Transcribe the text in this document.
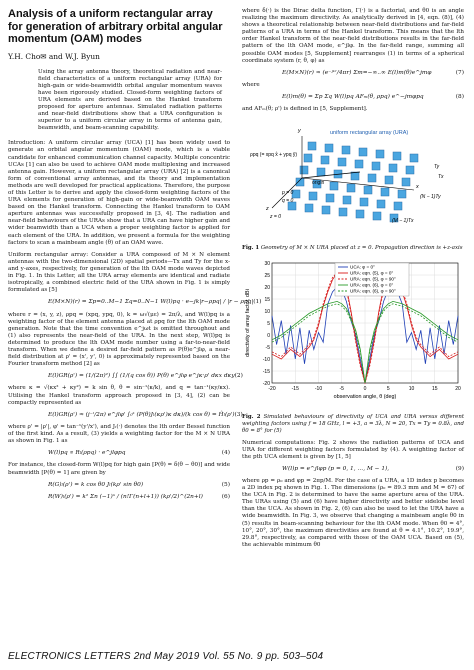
Analysis of a uniform rectangular array for generation of arbitrary orbital angular momentum (OAM) modes
Y.H. Cho✉ and W.J. Byun
Using the array antenna theory, theoretical radiation and near-field characteristics of a uniform rectangular array (URA) for high-gain or wide-beamwidth orbital angular momentum waves have been rigorously studied. Closed-form weighting factors of URA elements are derived based on the Hankel transform proposed for aperture antennas. Simulated radiation patterns and near-field distributions show that a URA configuration is superior to a uniform circular array in terms of antenna gain, beamwidth, and beam-scanning capability.

Introduction: A uniform circular array (UCA) [1] has been widely used to generate an orbital angular momentum (OAM) mode, which is a viable candidate for enhanced communication channel capacity. Multiple concentric UCAs [1] can also be used to achieve OAM mode multiplexing and increased antenna gain. However, a uniform rectangular array (URA) [2] is a canonical form of conventional array antennas, and its theory and implementation methods are well developed for practical applications. Therefore, the purpose of this Letter is to derive and apply the closed-form weighting factors of the URA elements for generation of high-gain or wide-beamwidth OAM waves based on the Hankel transform. Connecting the Hankel transform to OAM aperture antennas was successfully proposed in [3, 4]. The radiation and near-field behaviours of the URAs show that a URA can have higher gain and wider beamwidth than a UCA when a proper weighting factor is applied for each element of the URA. In addition, we present a formula for the weighting factors to scan a mainbeam angle (θ) of an OAM wave.

Uniform rectangular array: Consider a URA composed of M × N element antennas with the two-dimensional (2D) spatial periods—Tx and Ty for the x- and y-axes, respectively, for generation of the lth OAM mode waves depicted in Fig. 1. In this Letter, all the URA array elements are identical and radiate isotropically, a combined electric field of the URA shown in Fig. 1 is simply formulated as [5]

E(M×N)(r) = Σp=0..M−1 Σq=0..N−1 W(l)pq · e−jk|r−ρpq| / |r − ρpq| (1)

where r = (x, y, z), ρpq = (xpq, ypq, 0), k = ω√(με) = 2π/λ, and W(l)pq is a weighting factor of the element antenna placed at ρpq for the lth OAM mode generation. Note that the time convention e^jωt is omitted throughout and (1) also represents the near-field of the URA. In the next step, W(l)pq is determined to produce the lth OAM mode number using a far-to-near-field transform. When we define a desired far-field pattern as P(θ)e^jlφ, a near-field distribution at ρ' = (x', y', 0) is approximately represented based on the Fourier transform method [2] as

E(l)GR(ρ') = (1/(2π)²) ∫∫ (1/(q cos θ)) P(θ) e^jlφ e^jκ·ρ' dκx dκy (2)

where κ = √(κx² + κy²) = k sin θ, θ = sin⁻¹(κ/k), and q = tan⁻¹(κy/κx). Utilising the Hankel transform approach proposed in [3, 4], (2) can be compactly represented as

E(l)GR(ρ') ≈ (j⁻ˡ/2π) e^jlφ' ∫₀ᵏ (P(θ)Jₗ(κρ')κ dκ)/(k cos θ) = Ĥₗ(ρ') (3)

where ρ' = |ρ'|, φ' = tan⁻¹(y'/x'), and Jₗ(·) denotes the lth order Bessel function of the first kind. As a result, (3) yields a weighting factor for the M × N URA as shown in Fig. 1 as

W(l)pq ∝ Rₗ(ρpq) · e^jlφpq	(4)

For instance, the closed-form W(l)pq for high gain [P(θ) = δ(θ − θ0)] and wide beamwidth [P(θ) = 1] are given by

R(G)ₗ(ρ') = k cos θ0 Jₗ(kρ' sin θ0)	(5)
R(W)ₗ(ρ') = k² Σn (−1)ⁿ / (n!Γ(n+l+1)) (kρ'/2)^(2n+l)	(6)

where δ(·) is the Dirac delta function, Γ(·) is a factorial, and θ0 is an angle realizing the maximum directivity. As analytically derived in [4, eqn. (8)], (4) shows a theoretical relationship between near-field distributions and far-field patterns of a URA in terms of the Hankel transform. This means that the lth order Hankel transform of the near-field distributions results in the far-field pattern of the lth OAM mode, e^jlφ. In the far-field range, summing all possible OAM modes [5, Supplement] rearranges (1) in terms of a spherical coordinate system (r, θ, φ) as

E(M×N)(r) ≈ (e⁻ʲᵏʳ/4πr) Σm=−∞..∞ E(l)m(θ)e^jmφ	(7)

where

E(l)m(θ) = Σp Σq W(l)pq AFₘ(θ, ρpq) e^−jmφpq	(8)

and AFₘ(θ; ρ') is defined in [5, Supplement].

uniform rectangular array (URA)
ρpq (= xpq x̂ + ypq ŷ)
origin
z = 0
(M − 1)Tx
(N − 1)Ty
y
x
Tx
Ty
p = 0
q = 0
z
Fig. 1 Geometry of M × N URA placed at z = 0. Propagation direction is +z-axis
-20	-15	-10	-5	0	5	10	15	20
-20
-15
-10
-5
0
5
10
15
20
25
30
UCA: φ = 0°
URA: eqn. (5), φ = 0°
URA: eqn. (5), φ = 90°
URA: eqn. (6), φ = 0°
URA: eqn. (6), φ = 90°
observation angle, θ (deg)
directivity of array factor, dBi
Fig. 2 Simulated behaviours of directivity of UCA and URA versus different weighting factors using f = 18 GHz, l = +3, a = 3λ, N = 20, Tx = Ty = 0.8λ, and θ0 = 8° for (5)

Numerical computations: Fig. 2 shows the radiation patterns of UCA and URA for different weighting factors formulated by (4). A weighting factor of the pth UCA element is given by [1, 5]

W(l)p = e^jlφp (p = 0, 1, …, M − 1),	(9)

where ρp = ρ₀ and φp = 2πp/M. For the case of a URA, a 1D index p becomes a 2D index pq shown in Fig. 1. The dimensions (ρ₀ = 89.3 mm and M = 67) of the UCA in Fig. 2 is determined to have the same aperture area of the URA. The URAs using (5) and (6) have higher directivity and better sidelobe level than the UCA. As shown in Fig. 2, (6) can also be used to let the URA have a wide beamwidth. In Fig. 3, we observe that changing a mainbeam angle θ0 in (5) results in beam-scanning behaviour for the lth OAM mode. When θ0 = 4°, 10°, 20°, 30°, the maximum directivities are found at θ = 4.1°, 10.2°, 19.9°, 29.8°, respectively, as compared with those of the OAM UCA. Based on (5), the achievable minimum θ0

ELECTRONICS LETTERS 2nd May 2019 Vol. 55 No. 9 pp. 503–504
